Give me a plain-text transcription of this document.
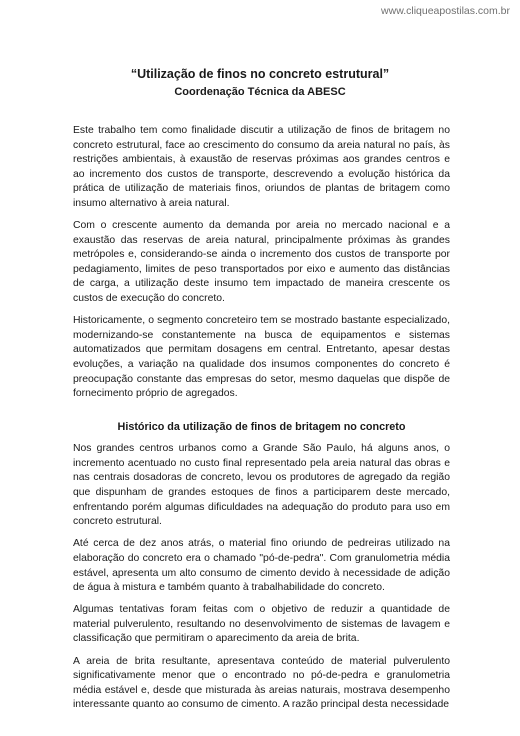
www.cliqueapostilas.com.br
“Utilização de finos no concreto estrutural”
Coordenação Técnica da ABESC

Este trabalho tem como finalidade discutir a utilização de finos de britagem no concreto estrutural, face ao crescimento do consumo da areia natural no país, às restrições ambientais, à exaustão de reservas próximas aos grandes centros e ao incremento dos custos de transporte, descrevendo a evolução histórica da prática de utilização de materiais finos, oriundos de plantas de britagem como insumo alternativo à areia natural.

Com o crescente aumento da demanda por areia no mercado nacional e a exaustão das reservas de areia natural, principalmente próximas às grandes metrópoles e, considerando-se ainda o incremento dos custos de transporte por pedagiamento, limites de peso transportados por eixo e aumento das distâncias de carga, a utilização deste insumo tem impactado de maneira crescente os custos de execução do concreto.

Historicamente, o segmento concreteiro tem se mostrado bastante especializado, modernizando-se constantemente na busca de equipamentos e sistemas automatizados que permitam dosagens em central. Entretanto, apesar destas evoluções, a variação na qualidade dos insumos componentes do concreto é preocupação constante das empresas do setor, mesmo daquelas que dispõe de fornecimento próprio de agregados.

Histórico da utilização de finos de britagem no concreto

Nos grandes centros urbanos como a Grande São Paulo, há alguns anos, o incremento acentuado no custo final representado pela areia natural das obras e nas centrais dosadoras de concreto, levou os produtores de agregado da região que dispunham de grandes estoques de finos a participarem deste mercado, enfrentando porém algumas dificuldades na adequação do produto para uso em concreto estrutural.

Até cerca de dez anos atrás, o material fino oriundo de pedreiras utilizado na elaboração do concreto era o chamado "pó-de-pedra". Com granulometria média estável, apresenta um alto consumo de cimento devido à necessidade de adição de água à mistura e também quanto à trabalhabilidade do concreto.

Algumas tentativas foram feitas com o objetivo de reduzir a quantidade de material pulverulento, resultando no desenvolvimento de sistemas de lavagem e classificação que permitiram o aparecimento da areia de brita.

A areia de brita resultante, apresentava conteúdo de material pulverulento significativamente menor que o encontrado no pó-de-pedra e granulometria média estável e, desde que misturada às areias naturais, mostrava desempenho interessante quanto ao consumo de cimento. A razão principal desta necessidade
